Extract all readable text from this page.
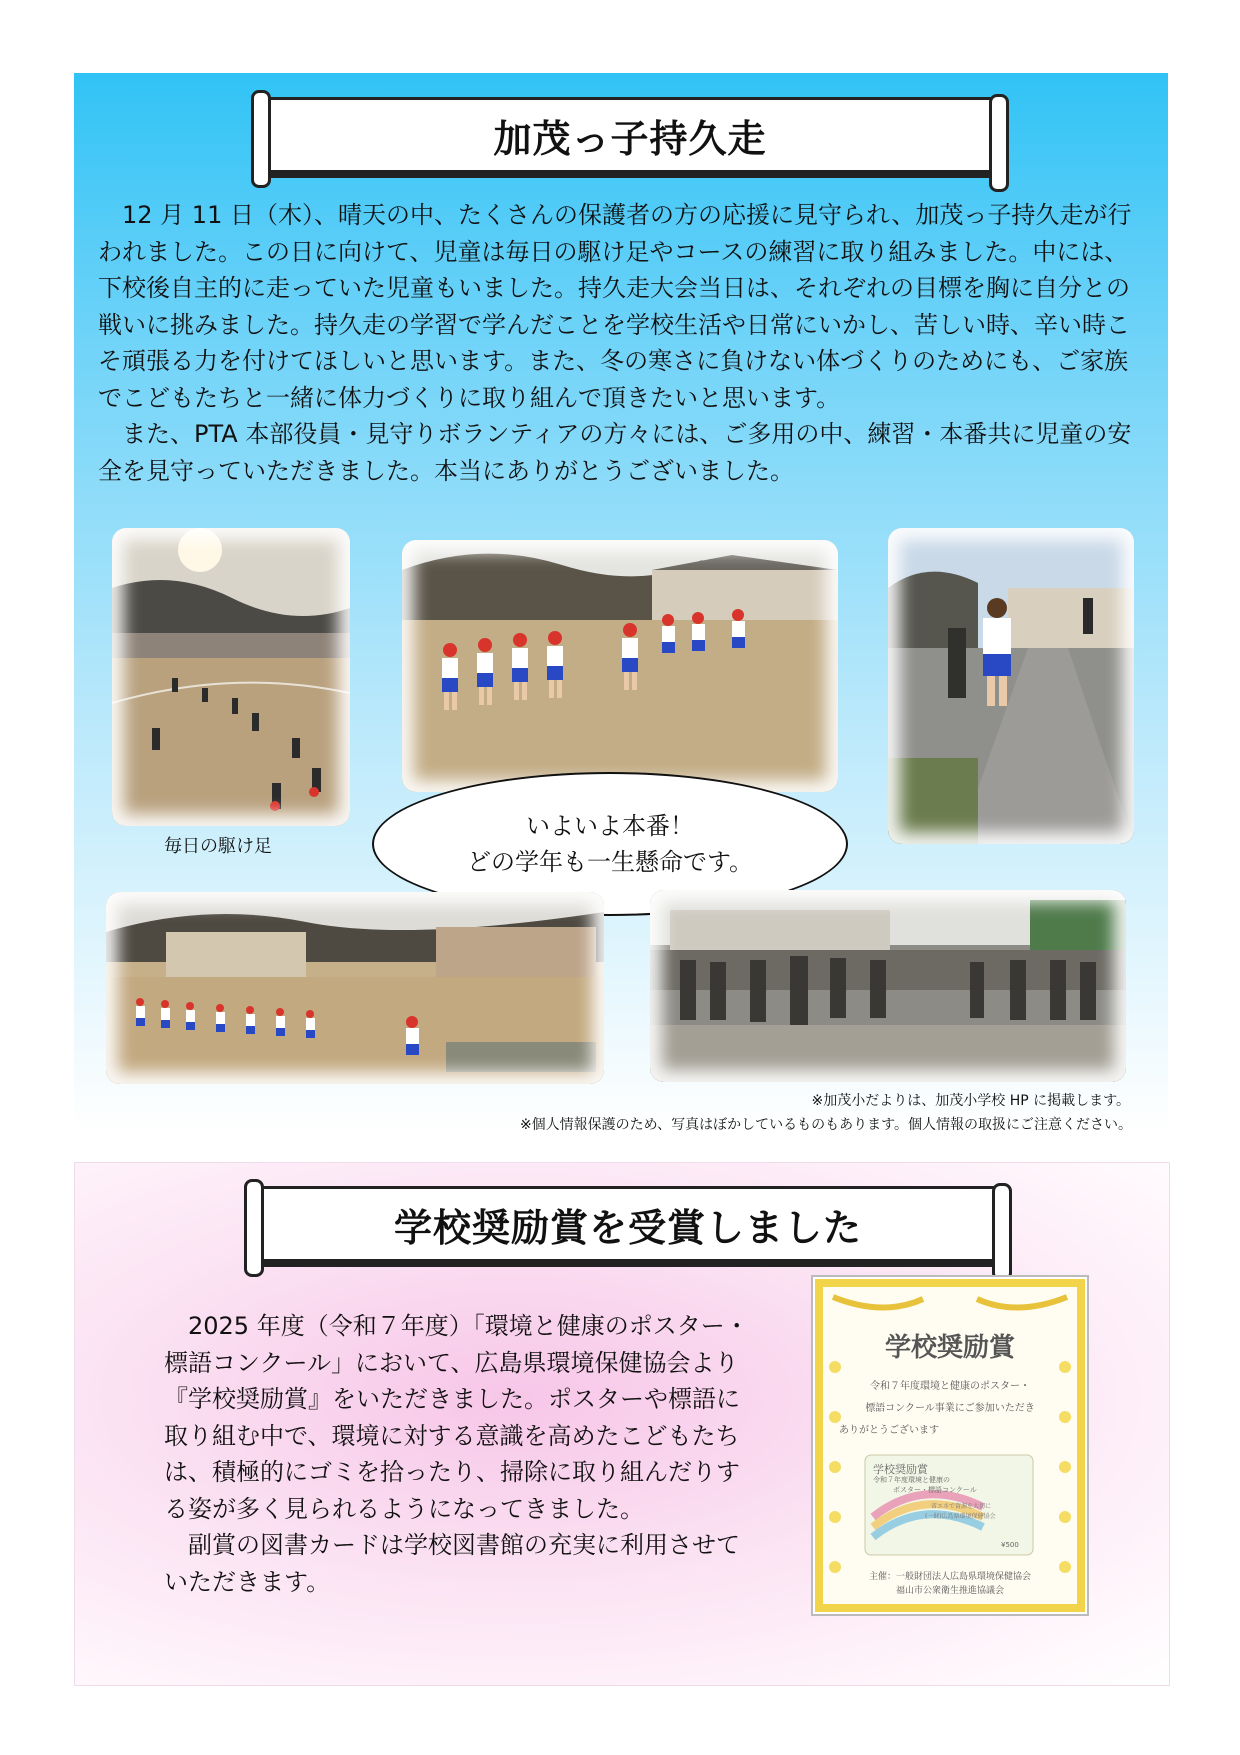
加茂っ子持久走

12 月 11 日（木）、晴天の中、たくさんの保護者の方の応援に見守られ、加茂っ子持久走が行われました。この日に向けて、児童は毎日の駆け足やコースの練習に取り組みました。中には、下校後自主的に走っていた児童もいました。持久走大会当日は、それぞれの目標を胸に自分との戦いに挑みました。持久走の学習で学んだことを学校生活や日常にいかし、苦しい時、辛い時こそ頑張る力を付けてほしいと思います。また、冬の寒さに負けない体づくりのためにも、ご家族でこどもたちと一緒に体力づくりに取り組んで頂きたいと思います。

また、PTA 本部役員・見守りボランティアの方々には、ご多用の中、練習・本番共に児童の安全を見守っていただきました。本当にありがとうございました。

毎日の駆け足
いよいよ本番！
どの学年も一生懸命です。
※加茂小だよりは、加茂小学校 HP に掲載します。
※個人情報保護のため、写真はぼかしているものもあります。個人情報の取扱にご注意ください。
学校奨励賞を受賞しました

2025 年度（令和７年度）「環境と健康のポスター・標語コンクール」において、広島県環境保健協会より『学校奨励賞』をいただきました。ポスターや標語に取り組む中で、環境に対する意識を高めたこどもたちは、積極的にゴミを拾ったり、掃除に取り組んだりする姿が多く見られるようになってきました。

副賞の図書カードは学校図書館の充実に利用させていただきます。

学校奨励賞
令和７年度環境と健康のポスター・
標語コンクール事業にご参加いただき
ありがとうございます
学校奨励賞
令和７年度環境と健康の
ポスター・標語コンクール
省エネで資源を大切に
(一財)広島県環境保健協会
¥500
主催：一般財団法人広島県環境保健協会
福山市公衆衛生推進協議会
